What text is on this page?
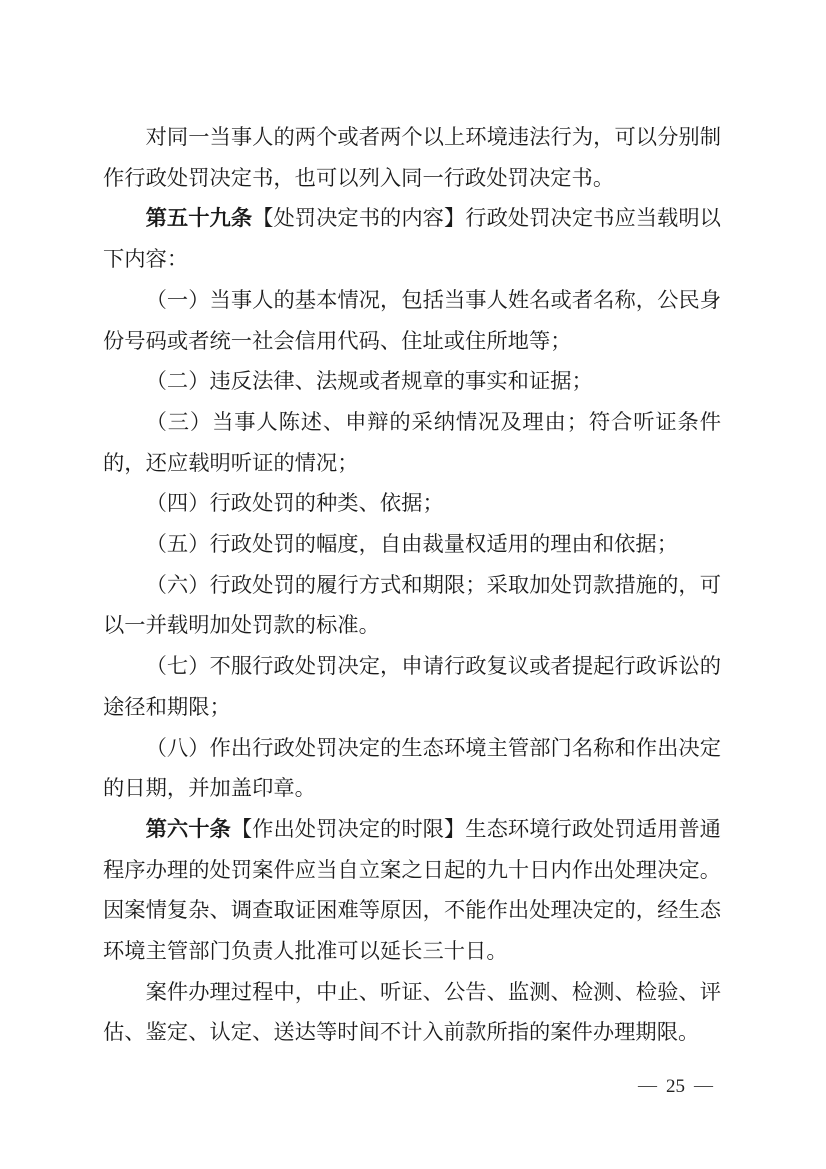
对同一当事人的两个或者两个以上环境违法行为，可以分别制作行政处罚决定书，也可以列入同一行政处罚决定书。

第五十九条【处罚决定书的内容】行政处罚决定书应当载明以下内容：

（一）当事人的基本情况，包括当事人姓名或者名称，公民身份号码或者统一社会信用代码、住址或住所地等；

（二）违反法律、法规或者规章的事实和证据；

（三）当事人陈述、申辩的采纳情况及理由；符合听证条件的，还应载明听证的情况；

（四）行政处罚的种类、依据；

（五）行政处罚的幅度，自由裁量权适用的理由和依据；

（六）行政处罚的履行方式和期限；采取加处罚款措施的，可以一并载明加处罚款的标准。

（七）不服行政处罚决定，申请行政复议或者提起行政诉讼的途径和期限；

（八）作出行政处罚决定的生态环境主管部门名称和作出决定的日期，并加盖印章。

第六十条【作出处罚决定的时限】生态环境行政处罚适用普通程序办理的处罚案件应当自立案之日起的九十日内作出处理决定。因案情复杂、调查取证困难等原因，不能作出处理决定的，经生态环境主管部门负责人批准可以延长三十日。

案件办理过程中，中止、听证、公告、监测、检测、检验、评估、鉴定、认定、送达等时间不计入前款所指的案件办理期限。

— 25 —
